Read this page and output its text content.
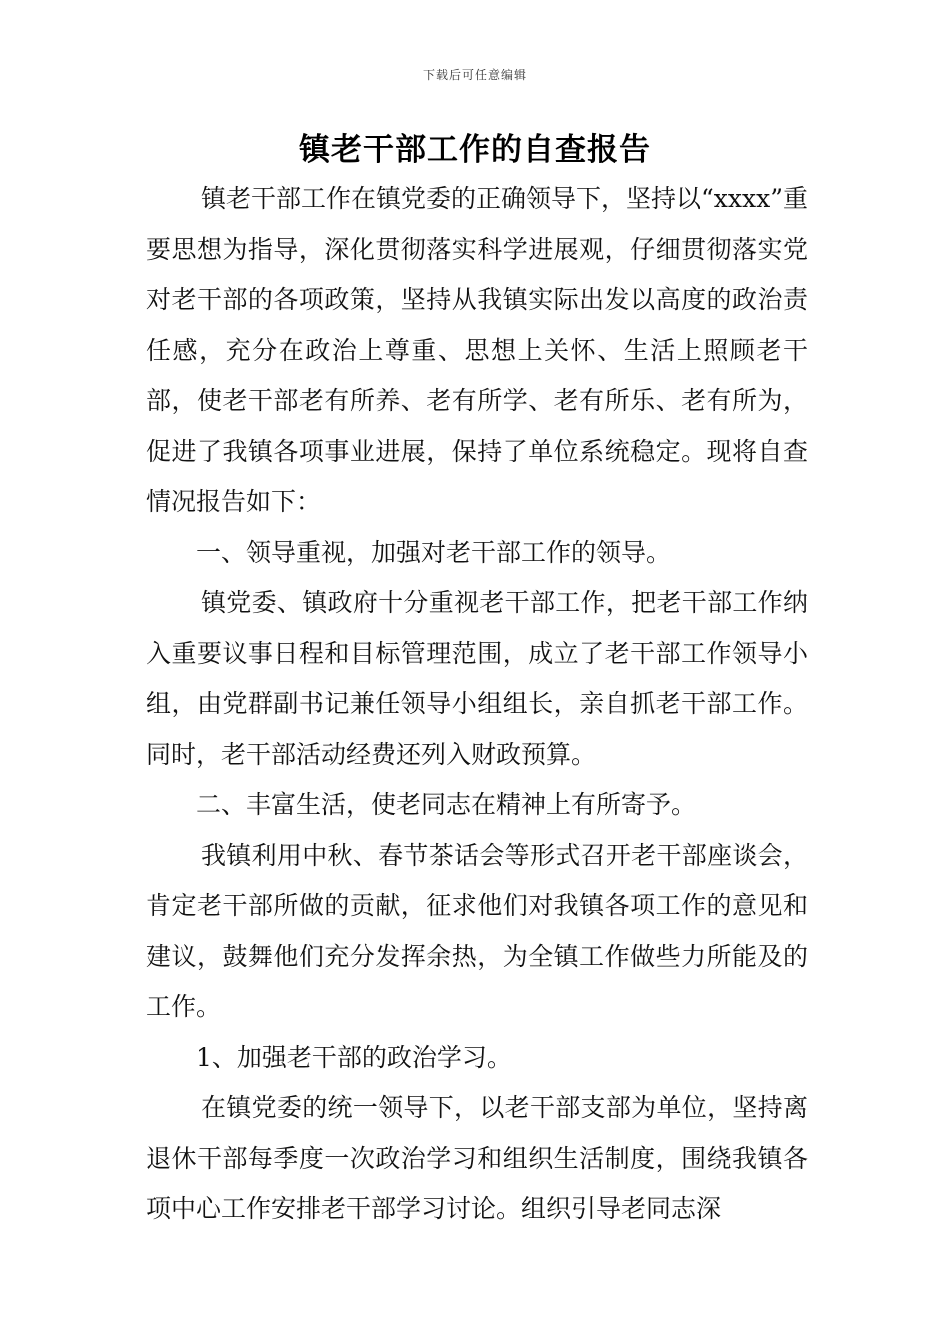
下载后可任意编辑
镇老干部工作的自查报告

镇老干部工作在镇党委的正确领导下，坚持以“xxxx”重要思想为指导，深化贯彻落实科学进展观，仔细贯彻落实党对老干部的各项政策，坚持从我镇实际出发以高度的政治责任感，充分在政治上尊重、思想上关怀、生活上照顾老干部，使老干部老有所养、老有所学、老有所乐、老有所为，促进了我镇各项事业进展，保持了单位系统稳定。现将自查情况报告如下：

一、领导重视，加强对老干部工作的领导。

镇党委、镇政府十分重视老干部工作，把老干部工作纳入重要议事日程和目标管理范围，成立了老干部工作领导小组，由党群副书记兼任领导小组组长，亲自抓老干部工作。同时，老干部活动经费还列入财政预算。

二、丰富生活，使老同志在精神上有所寄予。

我镇利用中秋、春节茶话会等形式召开老干部座谈会，肯定老干部所做的贡献，征求他们对我镇各项工作的意见和建议，鼓舞他们充分发挥余热，为全镇工作做些力所能及的工作。

1、加强老干部的政治学习。

在镇党委的统一领导下，以老干部支部为单位，坚持离退休干部每季度一次政治学习和组织生活制度，围绕我镇各项中心工作安排老干部学习讨论。组织引导老同志深
